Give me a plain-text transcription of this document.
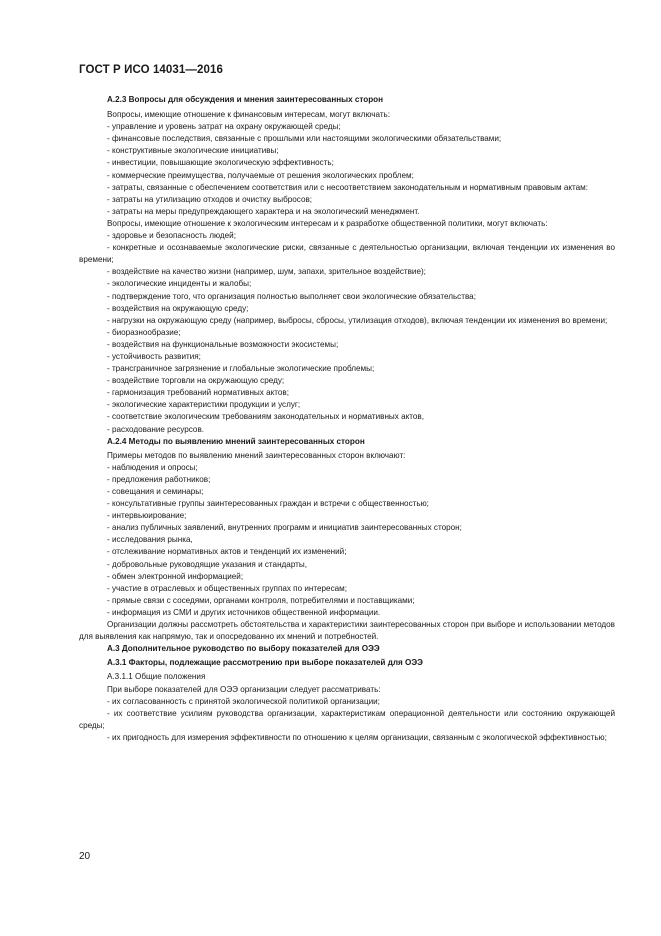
ГОСТ Р ИСО 14031—2016

А.2.3 Вопросы для обсуждения и мнения заинтересованных сторон

Вопросы, имеющие отношение к финансовым интересам, могут включать:

- управление и уровень затрат на охрану окружающей среды;

- финансовые последствия, связанные с прошлыми или настоящими экологическими обязательствами;

- конструктивные экологические инициативы;

- инвестиции, повышающие экологическую эффективность;

- коммерческие преимущества, получаемые от решения экологических проблем;

- затраты, связанные с обеспечением соответствия или с несоответствием законодательным и нормативным правовым актам:

- затраты на утилизацию отходов и очистку выбросов;

- затраты на меры предупреждающего характера и на экологический менеджмент.

Вопросы, имеющие отношение к экологическим интересам и к разработке общественной политики, могут включать:

- здоровье и безопасность людей;

- конкретные и осознаваемые экологические риски, связанные с деятельностью организации, включая тенденции их изменения во времени;

- воздействие на качество жизни (например, шум, запахи, зрительное воздействие);

- экологические инциденты и жалобы;

- подтверждение того, что организация полностью выполняет свои экологические обязательства;

- воздействия на окружающую среду;

- нагрузки на окружающую среду (например, выбросы, сбросы, утилизация отходов), включая тенденции их изменения во времени;

- биоразнообразие;

- воздействия на функциональные возможности экосистемы;

- устойчивость развития;

- трансграничное загрязнение и глобальные экологические проблемы;

- воздействие торговли на окружающую среду;

- гармонизация требований нормативных актов;

- экологические характеристики продукции и услуг;

- соответствие экологическим требованиям законодательных и нормативных актов,

- расходование ресурсов.

А.2.4 Методы по выявлению мнений заинтересованных сторон

Примеры методов по выявлению мнений заинтересованных сторон включают:

- наблюдения и опросы;

- предложения работников;

- совещания и семинары;

- консультативные группы заинтересованных граждан и встречи с общественностью;

- интервьюирование;

- анализ публичных заявлений, внутренних программ и инициатив заинтересованных сторон;

- исследования рынка,

- отслеживание нормативных актов и тенденций их изменений;

- добровольные руководящие указания и стандарты,

- обмен электронной информацией;

- участие в отраслевых и общественных группах по интересам;

- прямые связи с соседями, органами контроля, потребителями и поставщиками;

- информация из СМИ и других источников общественной информации.

Организации должны рассмотреть обстоятельства и характеристики заинтересованных сторон при выборе и использовании методов для выявления как напрямую, так и опосредованно их мнений и потребностей.

А.3 Дополнительное руководство по выбору показателей для ОЭЭ

А.3.1 Факторы, подлежащие рассмотрению при выборе показателей для ОЭЭ

А.3.1.1 Общие положения

При выборе показателей для ОЭЭ организации следует рассматривать:

- их согласованность с принятой экологической политикой организации;

- их соответствие усилиям руководства организации, характеристикам операционной деятельности или состоянию окружающей среды;

- их пригодность для измерения эффективности по отношению к целям организации, связанным с экологической эффективностью;

20
